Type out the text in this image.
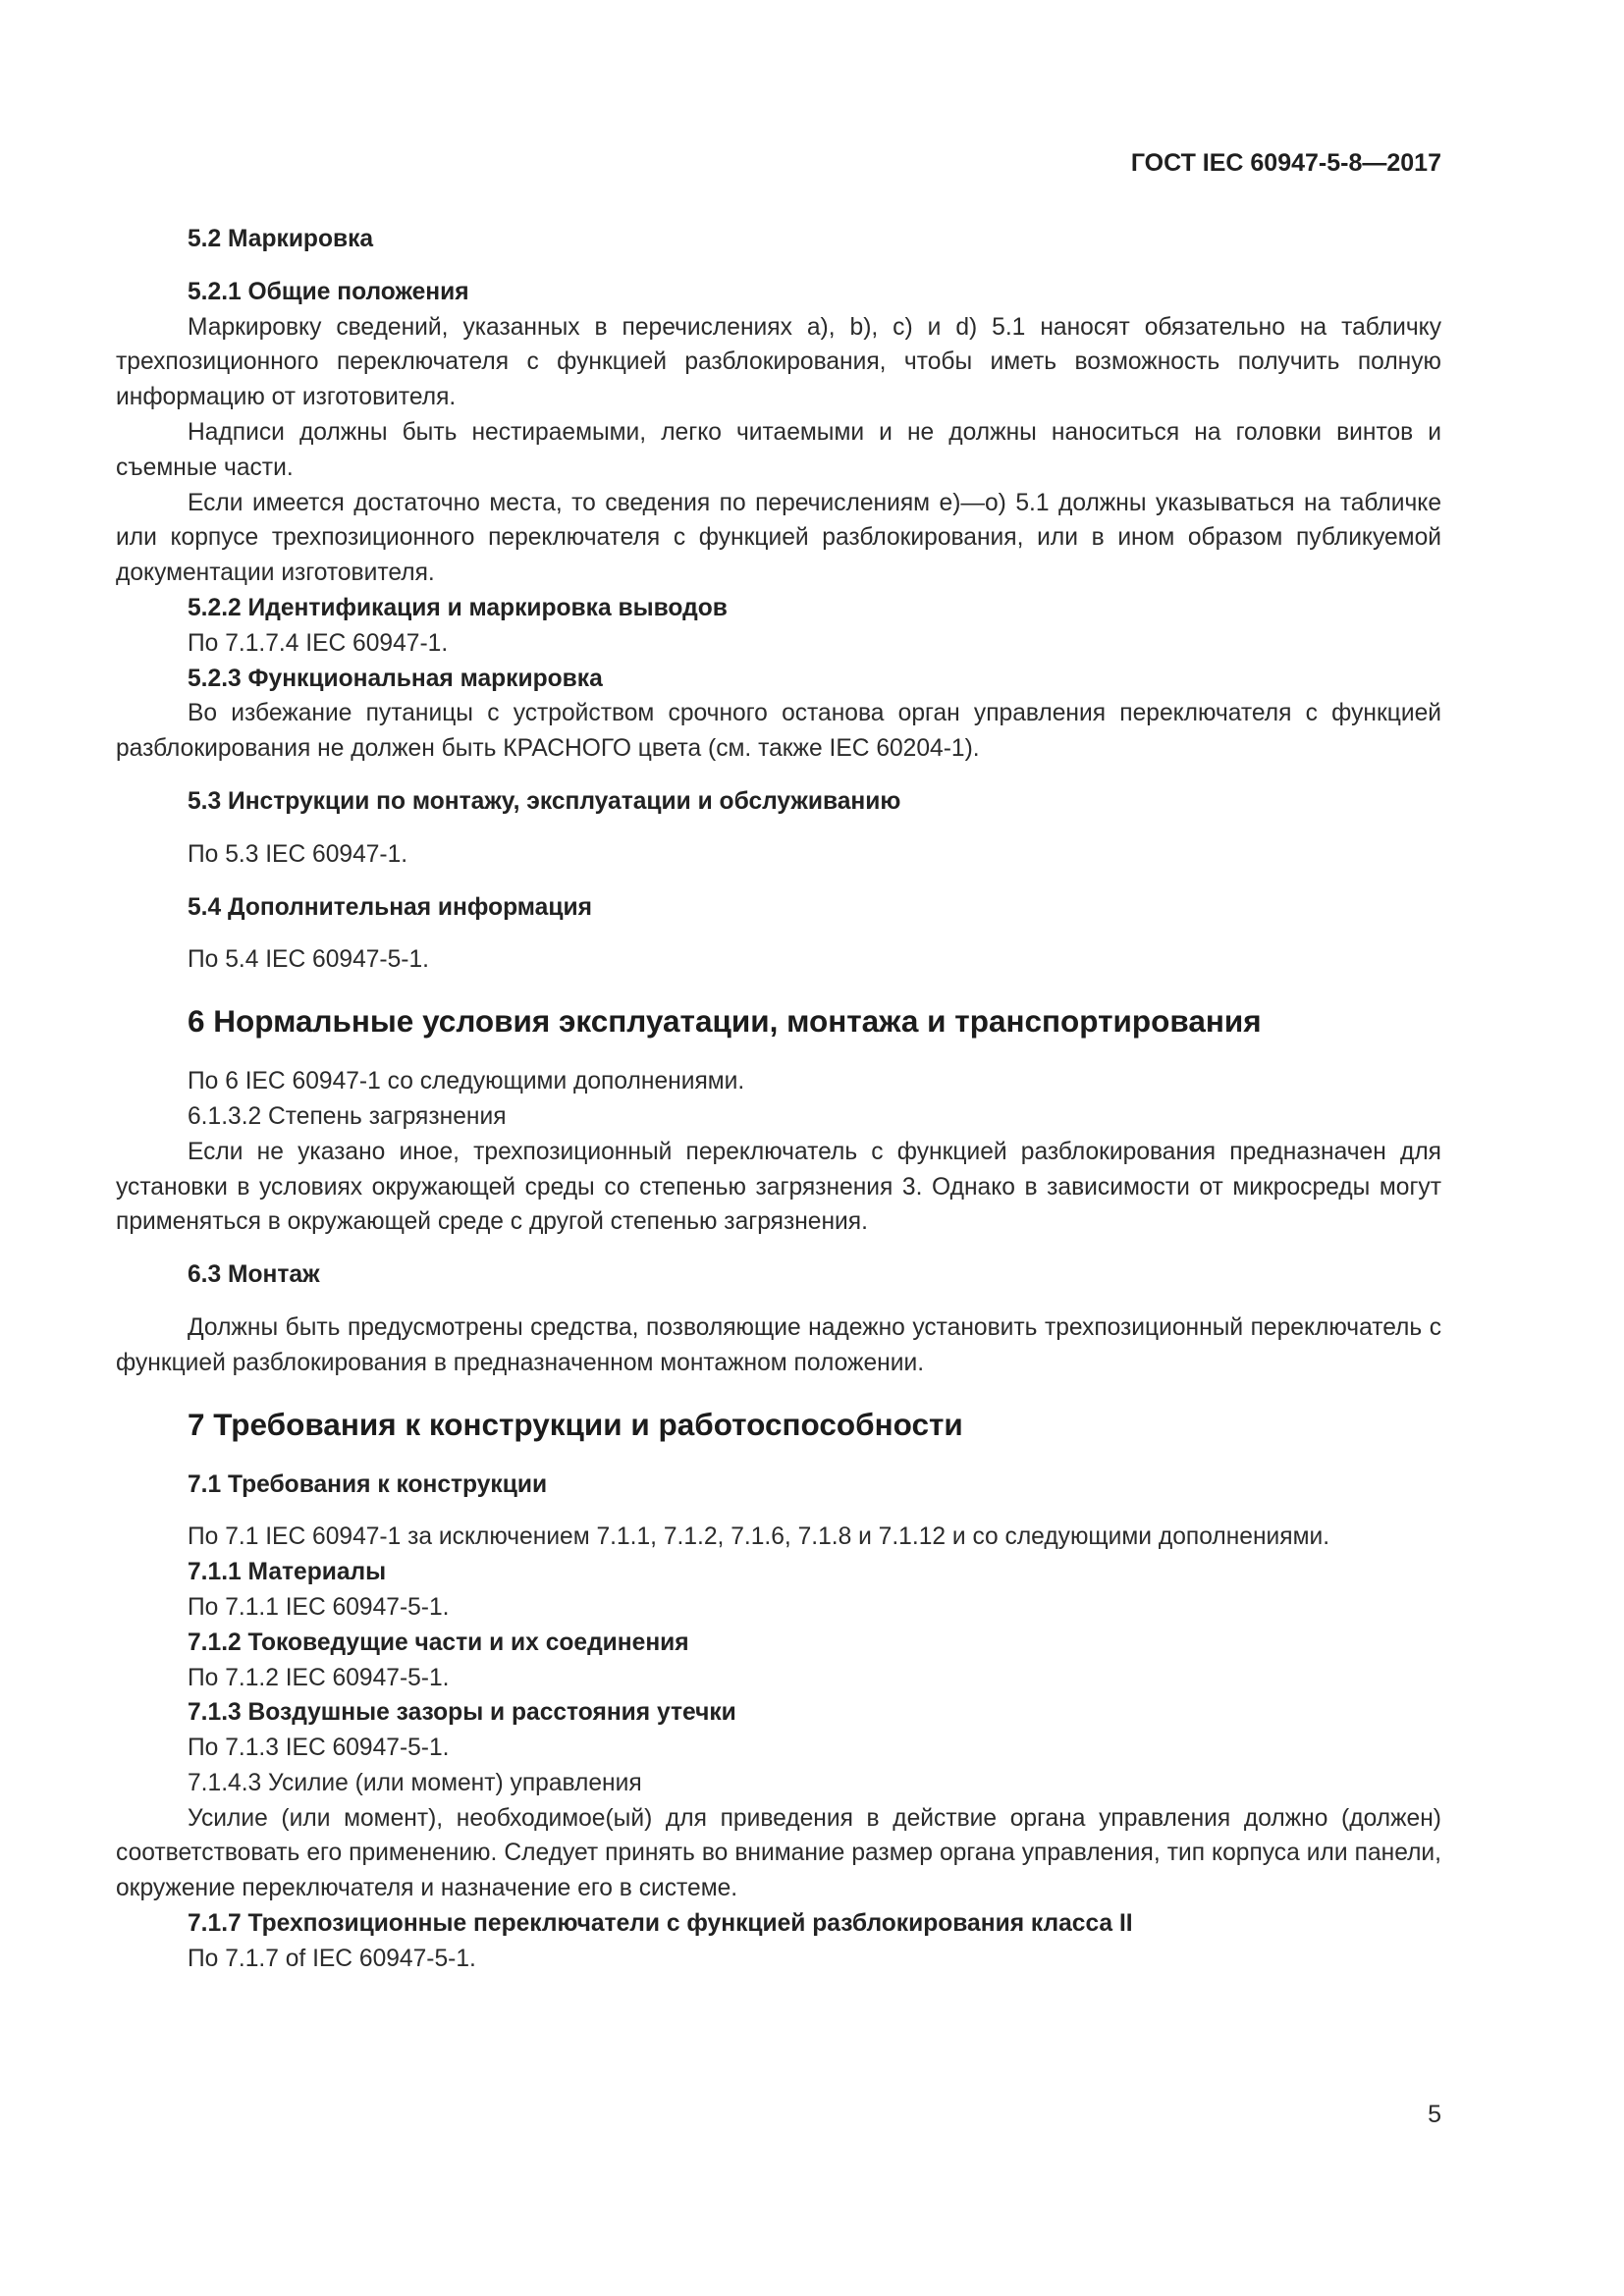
ГОСТ IEC 60947-5-8—2017

5.2 Маркировка

5.2.1 Общие положения

Маркировку сведений, указанных в перечислениях a), b), c) и d) 5.1 наносят обязательно на табличку трехпозиционного переключателя с функцией разблокирования, чтобы иметь возможность получить полную информацию от изготовителя.

Надписи должны быть нестираемыми, легко читаемыми и не должны наноситься на головки винтов и съемные части.

Если имеется достаточно места, то сведения по перечислениям e)—o) 5.1 должны указываться на табличке или корпусе трехпозиционного переключателя с функцией разблокирования, или в ином образом публикуемой документации изготовителя.

5.2.2 Идентификация и маркировка выводов

По 7.1.7.4 IEC 60947-1.

5.2.3 Функциональная маркировка

Во избежание путаницы с устройством срочного останова орган управления переключателя с функцией разблокирования не должен быть КРАСНОГО цвета (см. также IEC 60204-1).

5.3 Инструкции по монтажу, эксплуатации и обслуживанию

По 5.3 IEC 60947-1.

5.4 Дополнительная информация

По 5.4 IEC 60947-5-1.

6 Нормальные условия эксплуатации, монтажа и транспортирования

По 6 IEC 60947-1 со следующими дополнениями.

6.1.3.2 Степень загрязнения

Если не указано иное, трехпозиционный переключатель с функцией разблокирования предназначен для установки в условиях окружающей среды со степенью загрязнения 3. Однако в зависимости от микросреды могут применяться в окружающей среде с другой степенью загрязнения.

6.3 Монтаж

Должны быть предусмотрены средства, позволяющие надежно установить трехпозиционный переключатель с функцией разблокирования в предназначенном монтажном положении.

7 Требования к конструкции и работоспособности

7.1 Требования к конструкции

По 7.1 IEC 60947-1 за исключением 7.1.1, 7.1.2, 7.1.6, 7.1.8 и 7.1.12 и со следующими дополнениями.

7.1.1 Материалы

По 7.1.1 IEC 60947-5-1.

7.1.2 Токоведущие части и их соединения

По 7.1.2 IEC 60947-5-1.

7.1.3 Воздушные зазоры и расстояния утечки

По 7.1.3 IEC 60947-5-1.

7.1.4.3 Усилие (или момент) управления

Усилие (или момент), необходимое(ый) для приведения в действие органа управления должно (должен) соответствовать его применению. Следует принять во внимание размер органа управления, тип корпуса или панели, окружение переключателя и назначение его в системе.

7.1.7 Трехпозиционные переключатели с функцией разблокирования класса II

По 7.1.7 of IEC 60947-5-1.

5
